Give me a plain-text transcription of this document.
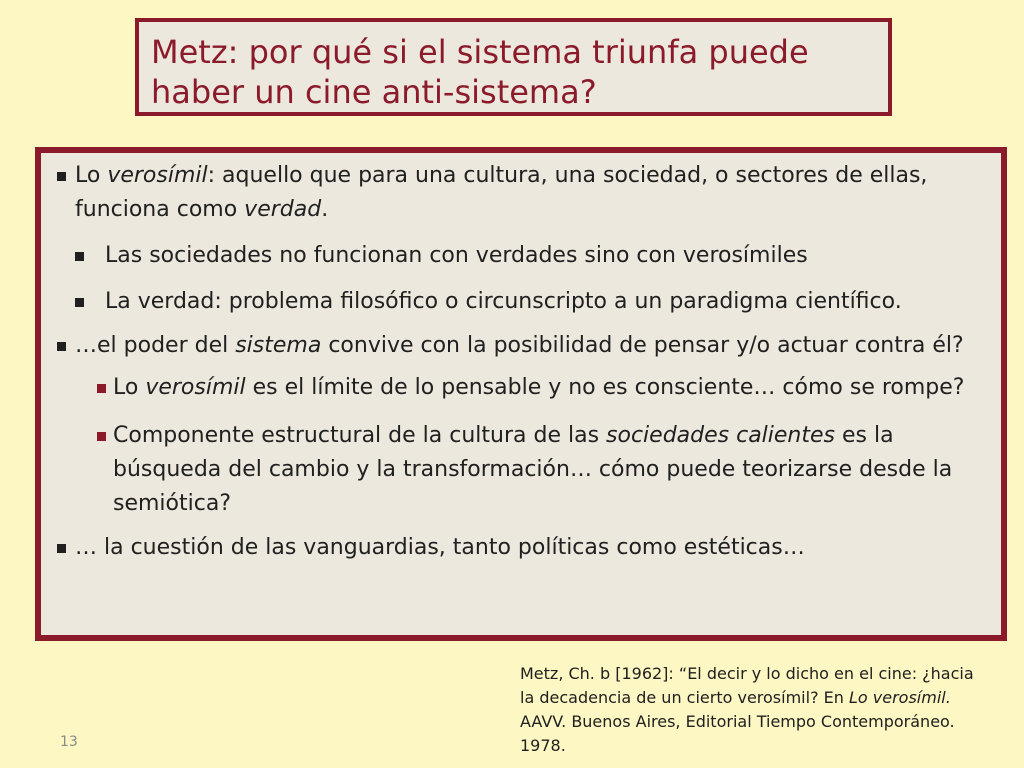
Metz: por qué si el sistema triunfa puede haber un cine anti-sistema?
Lo verosímil: aquello que para una cultura, una sociedad, o sectores de ellas, funciona como verdad.
Las sociedades no funcionan con verdades sino con verosímiles
La verdad: problema filosófico o circunscripto a un paradigma científico.
…el poder del sistema convive con la posibilidad de pensar y/o actuar contra él?
Lo verosímil es el límite de lo pensable y no es consciente… cómo se rompe?
Componente estructural de la cultura de las sociedades calientes es la búsqueda del cambio y la transformación… cómo puede teorizarse desde la semiótica?
… la cuestión de las vanguardias, tanto políticas como estéticas…
Metz, Ch. b [1962]: “El decir y lo dicho en el cine: ¿hacia la decadencia de un cierto verosímil? En Lo verosímil. AAVV. Buenos Aires, Editorial Tiempo Contemporáneo. 1978.
13
